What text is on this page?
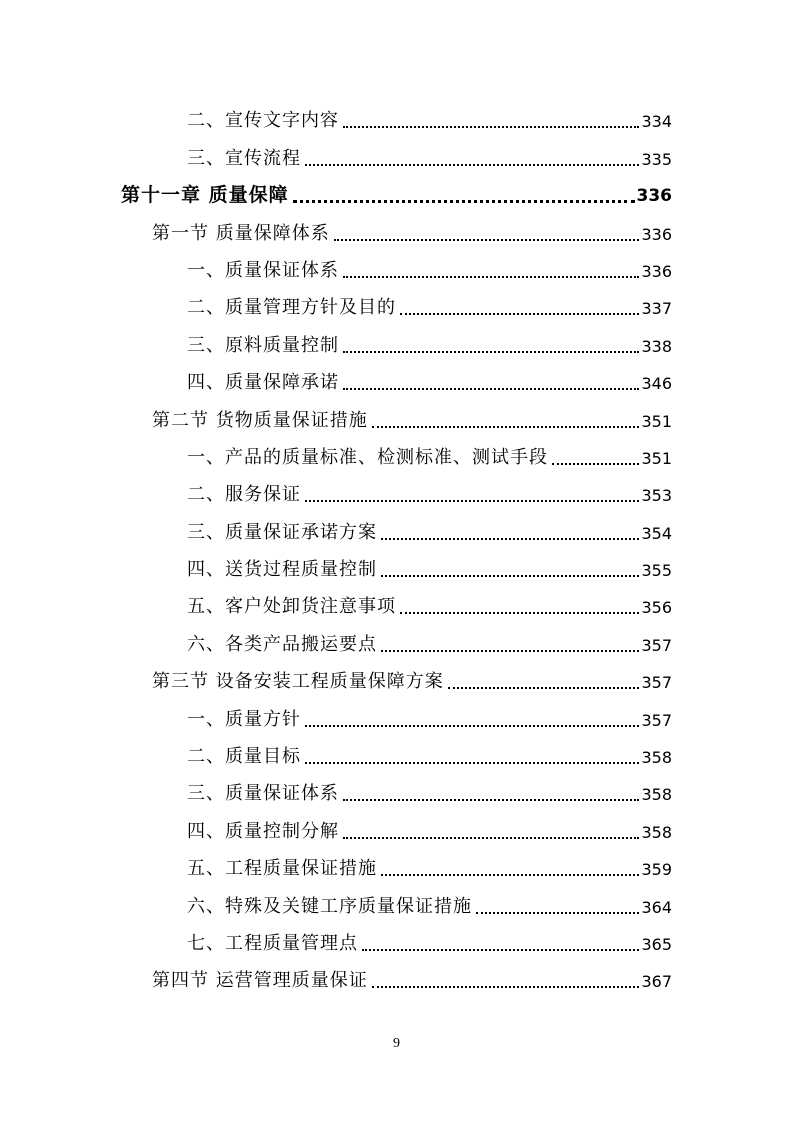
二、宣传文字内容	334
三、宣传流程	335
第十一章 质量保障	336
第一节 质量保障体系	336
一、质量保证体系	336
二、质量管理方针及目的	337
三、原料质量控制	338
四、质量保障承诺	346
第二节 货物质量保证措施	351
一、产品的质量标准、检测标准、测试手段	351
二、服务保证	353
三、质量保证承诺方案	354
四、送货过程质量控制	355
五、客户处卸货注意事项	356
六、各类产品搬运要点	357
第三节 设备安装工程质量保障方案	357
一、质量方针	357
二、质量目标	358
三、质量保证体系	358
四、质量控制分解	358
五、工程质量保证措施	359
六、特殊及关键工序质量保证措施	364
七、工程质量管理点	365
第四节 运营管理质量保证	367
9
